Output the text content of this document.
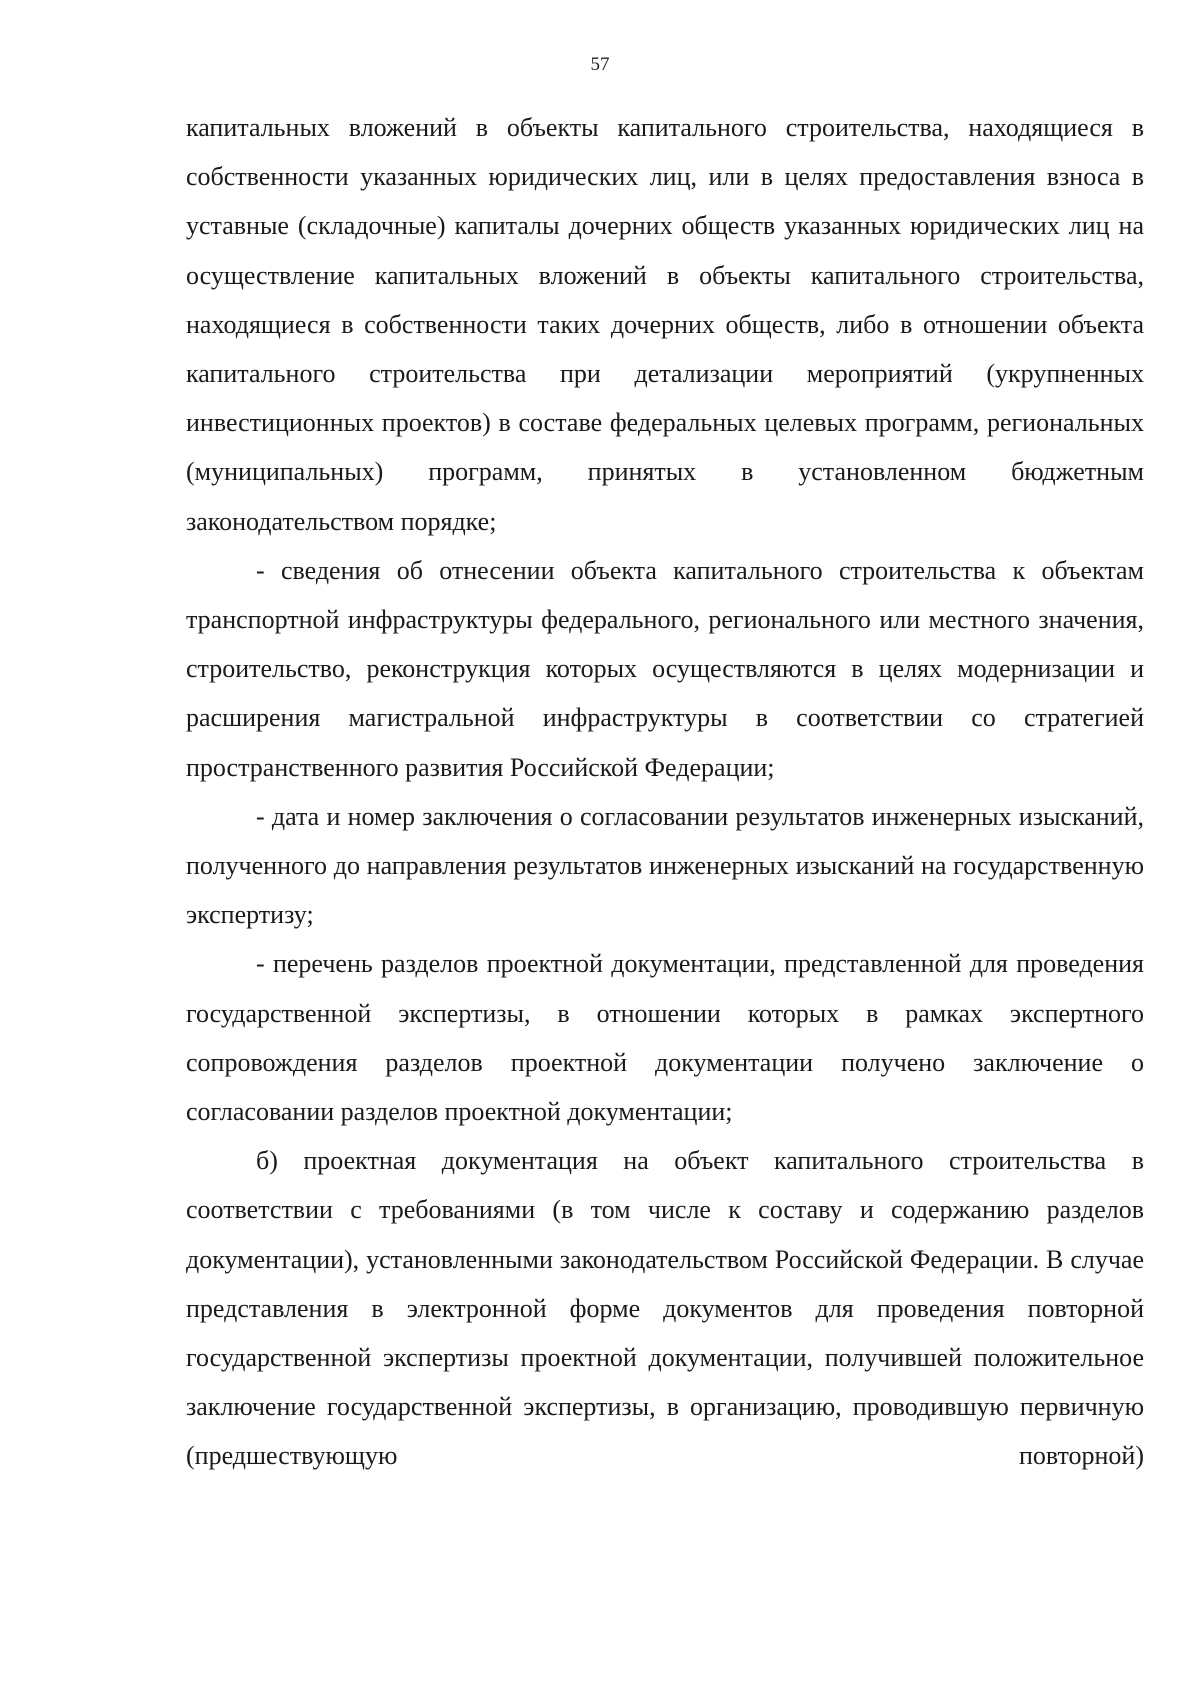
57

капитальных вложений в объекты капитального строительства, находящиеся в собственности указанных юридических лиц, или в целях предоставления взноса в уставные (складочные) капиталы дочерних обществ указанных юридических лиц на осуществление капитальных вложений в объекты капитального строительства, находящиеся в собственности таких дочерних обществ, либо в отношении объекта капитального строительства при детализации мероприятий (укрупненных инвестиционных проектов) в составе федеральных целевых программ, региональных (муниципальных) программ, принятых в установленном бюджетным законодательством порядке;

- сведения об отнесении объекта капитального строительства к объектам транспортной инфраструктуры федерального, регионального или местного значения, строительство, реконструкция которых осуществляются в целях модернизации и расширения магистральной инфраструктуры в соответствии со стратегией пространственного развития Российской Федерации;

- дата и номер заключения о согласовании результатов инженерных изысканий, полученного до направления результатов инженерных изысканий на государственную экспертизу;

- перечень разделов проектной документации, представленной для проведения государственной экспертизы, в отношении которых в рамках экспертного сопровождения разделов проектной документации получено заключение о согласовании разделов проектной документации;

б) проектная документация на объект капитального строительства в соответствии с требованиями (в том числе к составу и содержанию разделов документации), установленными законодательством Российской Федерации. В случае представления в электронной форме документов для проведения повторной государственной экспертизы проектной документации, получившей положительное заключение государственной экспертизы, в организацию, проводившую первичную (предшествующую повторной)
